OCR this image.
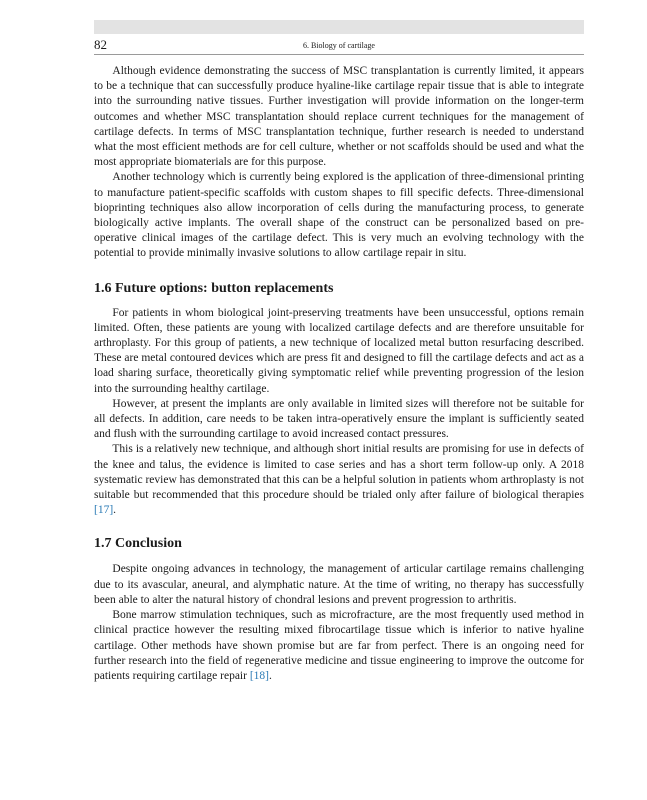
82	6. Biology of cartilage

Although evidence demonstrating the success of MSC transplantation is currently limited, it appears to be a technique that can successfully produce hyaline-like cartilage repair tissue that is able to integrate into the surrounding native tissues. Further investigation will provide information on the longer-term outcomes and whether MSC transplantation should replace current techniques for the management of cartilage defects. In terms of MSC transplantation technique, further research is needed to understand what the most efficient methods are for cell culture, whether or not scaffolds should be used and what the most appropriate biomaterials are for this purpose.

Another technology which is currently being explored is the application of three-dimensional printing to manufacture patient-specific scaffolds with custom shapes to fill specific defects. Three-dimensional bioprinting techniques also allow incorporation of cells during the manufacturing process, to generate biologically active implants. The overall shape of the construct can be personalized based on pre-operative clinical images of the cartilage defect. This is very much an evolving technology with the potential to provide minimally invasive solutions to allow cartilage repair in situ.

1.6 Future options: button replacements

For patients in whom biological joint-preserving treatments have been unsuccessful, options remain limited. Often, these patients are young with localized cartilage defects and are therefore unsuitable for arthroplasty. For this group of patients, a new technique of localized metal button resurfacing described. These are metal contoured devices which are press fit and designed to fill the cartilage defects and act as a load sharing surface, theoretically giving symptomatic relief while preventing progression of the lesion into the surrounding healthy cartilage.

However, at present the implants are only available in limited sizes will therefore not be suitable for all defects. In addition, care needs to be taken intra-operatively ensure the implant is sufficiently seated and flush with the surrounding cartilage to avoid increased contact pressures.

This is a relatively new technique, and although short initial results are promising for use in defects of the knee and talus, the evidence is limited to case series and has a short term follow-up only. A 2018 systematic review has demonstrated that this can be a helpful solution in patients whom arthroplasty is not suitable but recommended that this procedure should be trialed only after failure of biological therapies [17].

1.7 Conclusion

Despite ongoing advances in technology, the management of articular cartilage remains challenging due to its avascular, aneural, and alymphatic nature. At the time of writing, no therapy has successfully been able to alter the natural history of chondral lesions and prevent progression to arthritis.

Bone marrow stimulation techniques, such as microfracture, are the most frequently used method in clinical practice however the resulting mixed fibrocartilage tissue which is inferior to native hyaline cartilage. Other methods have shown promise but are far from perfect. There is an ongoing need for further research into the field of regenerative medicine and tissue engineering to improve the outcome for patients requiring cartilage repair [18].
